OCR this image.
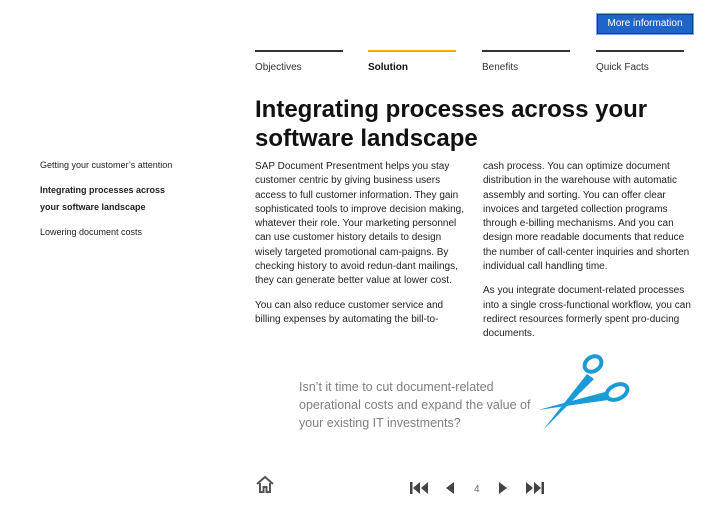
More information
Objectives	Solution	Benefits	Quick Facts
Integrating processes across your software landscape
Getting your customer’s attention
Integrating processes across
your software landscape
Lowering document costs

SAP Document Presentment helps you stay customer centric by giving business users access to full customer information. They gain sophisticated tools to improve decision making, whatever their role. Your marketing personnel can use customer history details to design wisely targeted promotional cam-paigns. By checking history to avoid redun-dant mailings, they can generate better value at lower cost.

You can also reduce customer service and billing expenses by automating the bill-to-

cash process. You can optimize document distribution in the warehouse with automatic assembly and sorting. You can offer clear invoices and targeted collection programs through e-billing mechanisms. And you can design more readable documents that reduce the number of call-center inquiries and shorten individual call handling time.

As you integrate document-related processes into a single cross-functional workflow, you can redirect resources formerly spent pro-ducing documents.

Isn’t it time to cut document-related operational costs and expand the value of your existing IT investments?

4
